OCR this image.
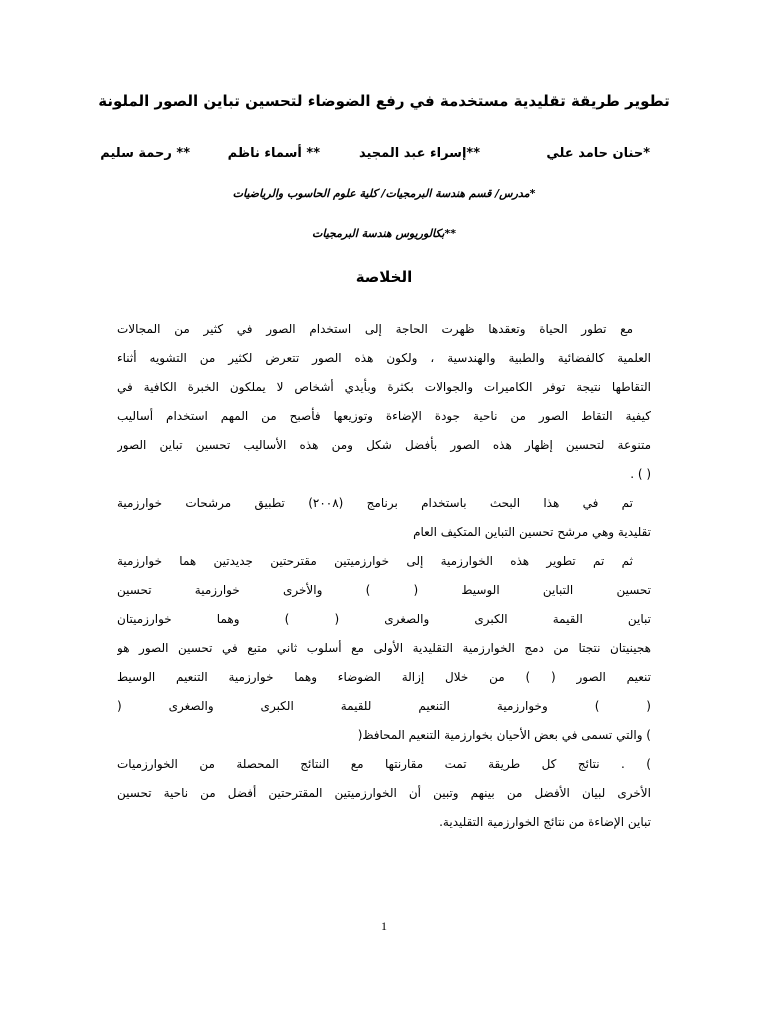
تطوير طريقة تقليدية مستخدمة في رفع الضوضاء لتحسين تباين الصور الملونة
*حنان حامد علي
**إسراء عبد المجيد
** أسماء ناظم
** رحمة سليم
*مدرس/ قسم هندسة البرمجيات/ كلية علوم الحاسوب والرياضيات
**بكالوريوس هندسة البرمجيات
الخلاصة
مع تطور الحياة وتعقدها ظهرت الحاجة إلى استخدام الصور في كثير من المجالات
العلمية كالفضائية والطبية والهندسية ، ولكون هذه الصور تتعرض لكثير من التشويه أثناء
التقاطها نتيجة توفر الكاميرات والجوالات بكثرة وبأيدي أشخاص لا يملكون الخبرة الكافية في
كيفية التقاط الصور من ناحية جودة الإضاءة وتوزيعها فأصبح من المهم استخدام أساليب
متنوعة لتحسين إظهار هذه الصور بأفضل شكل ومن هذه الأساليب تحسين تباين الصور
( ) .
تم في هذا البحث باستخدام برنامج (٢٠٠٨) تطبيق مرشحات خوارزمية
تقليدية وهي مرشح تحسين التباين المتكيف العام
ثم تم تطوير هذه الخوارزمية إلى خوارزميتين مقترحتين جديدتين هما خوارزمية
تحسين التباين الوسيط ( ) والأخرى خوارزمية تحسين
تباين القيمة الكبرى والصغرى ( ) وهما خوارزميتان
هجينيتان نتجتا من دمج الخوارزمية التقليدية الأولى مع أسلوب ثاني متبع في تحسين الصور هو
تنعيم الصور ( ) من خلال إزالة الضوضاء وهما خوارزمية التنعيم الوسيط
( ) وخوارزمية التنعيم للقيمة الكبرى والصغرى (
) والتي تسمى في بعض الأحيان بخوارزمية التنعيم المحافظ(
) . نتائج كل طريقة تمت مقارنتها مع النتائج المحصلة من الخوارزميات
الأخرى لبيان الأفضل من بينهم وتبين أن الخوارزميتين المقترحتين أفضل من ناحية تحسين
تباين الإضاءة من نتائج الخوارزمية التقليدية.
1
